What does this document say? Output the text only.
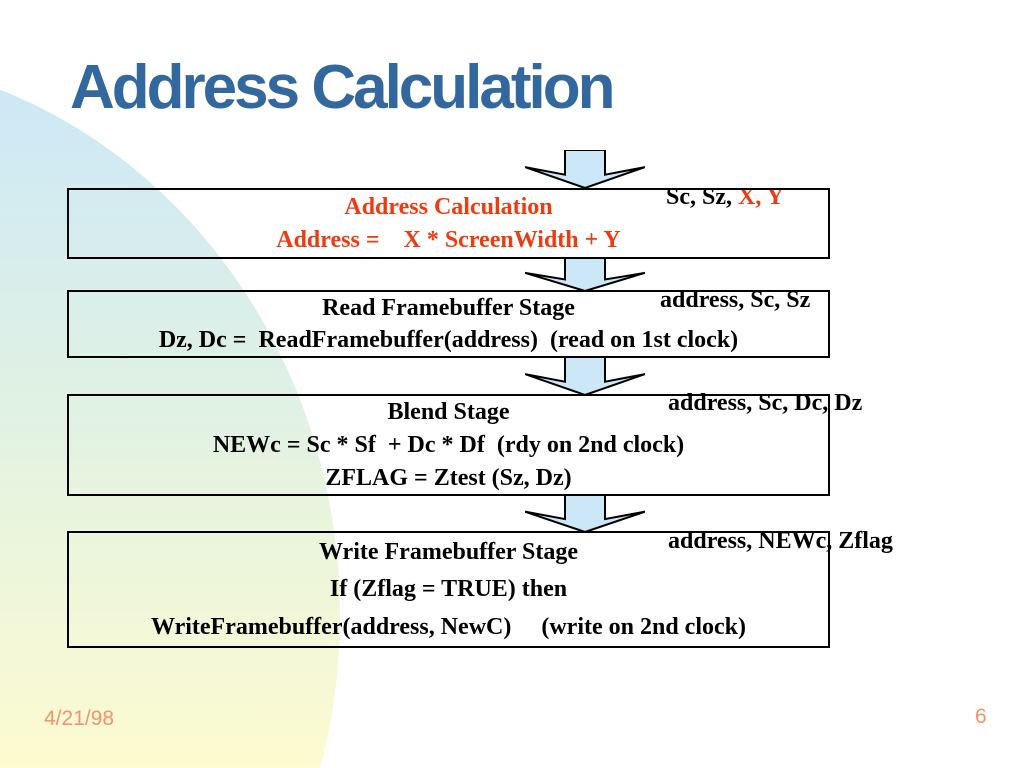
Address Calculation

Sc, Sz, X, Y

Address Calculation
Address =    X * ScreenWidth + Y

address, Sc, Sz

Read Framebuffer Stage
Dz, Dc =  ReadFramebuffer(address)  (read on 1st clock)

address, Sc, Dc, Dz

Blend Stage
NEWc = Sc * Sf  + Dc * Df  (rdy on 2nd clock)
ZFLAG = Ztest (Sz, Dz)

address, NEWc, Zflag

Write Framebuffer Stage
If (Zflag = TRUE) then
WriteFramebuffer(address, NewC)     (write on 2nd clock)
4/21/98	6
